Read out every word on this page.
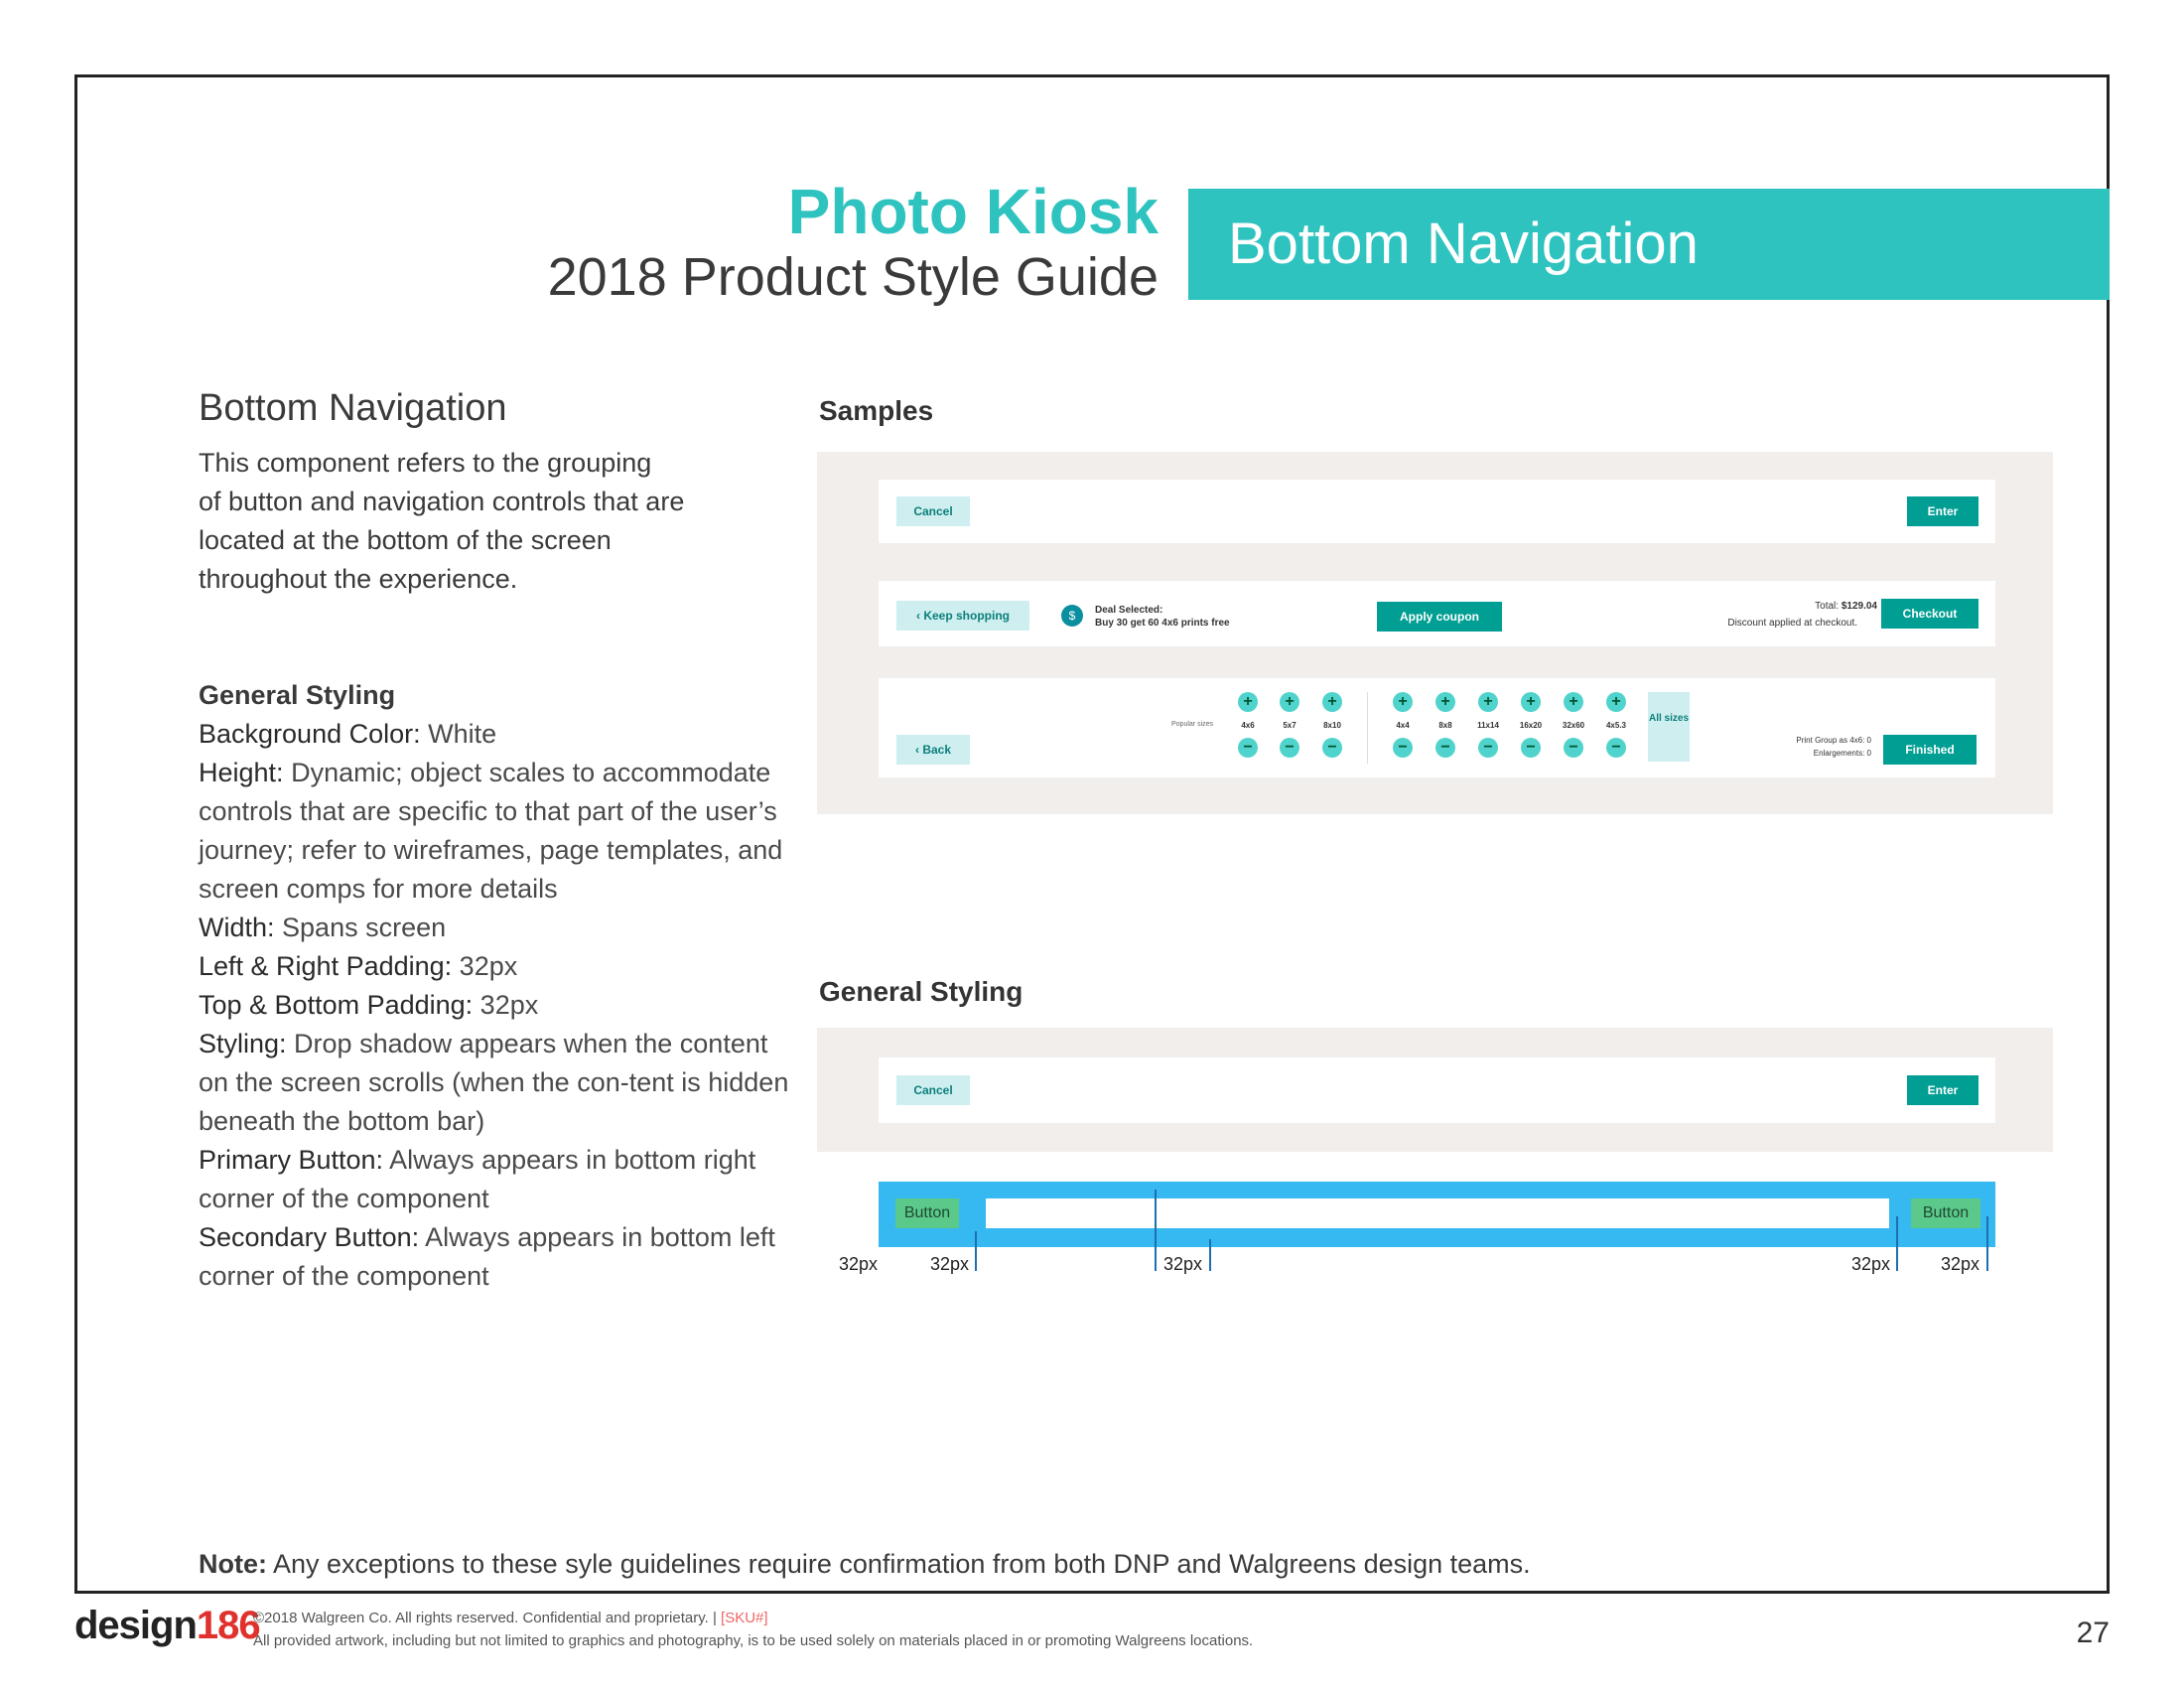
Photo Kiosk
2018 Product Style Guide
Bottom Navigation
Bottom Navigation
This component refers to the grouping
of button and navigation controls that are
located at the bottom of the screen
throughout the experience.
General Styling
Background Color: White
Height: Dynamic; object scales to accommodate controls that are specific to that part of the user’s journey; refer to wireframes, page templates, and screen comps for more details
Width: Spans screen
Left & Right Padding: 32px
Top & Bottom Padding: 32px
Styling: Drop shadow appears when the content on the screen scrolls (when the con-tent is hidden beneath the bottom bar)
Primary Button: Always appears in bottom right corner of the component
Secondary Button: Always appears in bottom left corner of the component
Samples
Cancel	Enter
‹ Keep shopping	$	Deal Selected:
Buy 30 get 60 4x6 prints free	Apply coupon
Total: $129.04
Discount applied at checkout.
Checkout
‹ Back
Popular sizes
+
4x6
−
+
5x7
−
+
8x10
−
+
4x4
−
+
8x8
−
+
11x14
−
+
16x20
−
+
32x60
−
+
4x5.3
−
All sizes
Print Group as 4x6: 0
Enlargements: 0	Finished
General Styling
Cancel	Enter
Button	Button
32px	32px	32px	32px	32px
Note: Any exceptions to these syle guidelines require confirmation from both DNP and Walgreens design teams.
design186
©2018 Walgreen Co. All rights reserved. Confidential and proprietary. | [SKU#]
All provided artwork, including but not limited to graphics and photography, is to be used solely on materials placed in or promoting Walgreens locations.	27
